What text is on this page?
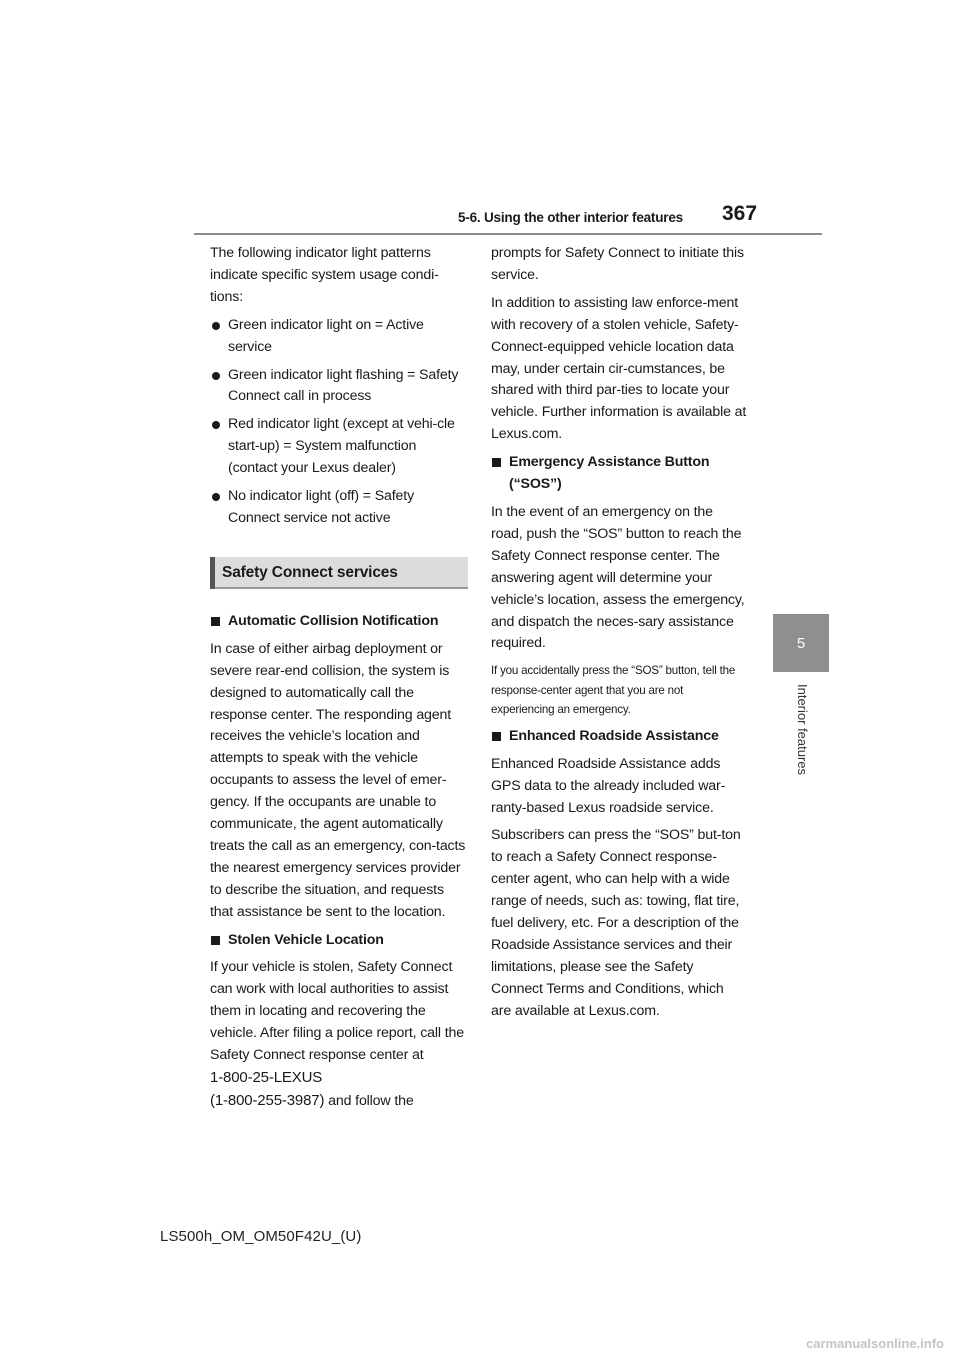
5-6. Using the other interior features 367
5
Interior features

The following indicator light patterns indicate specific system usage condi-tions:

Green indicator light on = Active service
Green indicator light flashing = Safety Connect call in process
Red indicator light (except at vehi-cle start-up) = System malfunction (contact your Lexus dealer)
No indicator light (off) = Safety Connect service not active
Safety Connect services
Automatic Collision Notification

In case of either airbag deployment or severe rear-end collision, the system is designed to automatically call the response center. The responding agent receives the vehicle’s location and attempts to speak with the vehicle occupants to assess the level of emer-gency. If the occupants are unable to communicate, the agent automatically treats the call as an emergency, con-tacts the nearest emergency services provider to describe the situation, and requests that assistance be sent to the location.

Stolen Vehicle Location

If your vehicle is stolen, Safety Connect can work with local authorities to assist them in locating and recovering the vehicle. After filing a police report, call the Safety Connect response center at
1-800-25-LEXUS
(1-800-255-3987) and follow the

prompts for Safety Connect to initiate this service.

In addition to assisting law enforce-ment with recovery of a stolen vehicle, Safety-Connect-equipped vehicle location data may, under certain cir-cumstances, be shared with third par-ties to locate your vehicle. Further information is available at Lexus.com.

Emergency Assistance Button (“SOS”)

In the event of an emergency on the road, push the “SOS” button to reach the Safety Connect response center. The answering agent will determine your vehicle’s location, assess the emergency, and dispatch the neces-sary assistance required.

If you accidentally press the “SOS” button, tell the response-center agent that you are not experiencing an emergency.

Enhanced Roadside Assistance

Enhanced Roadside Assistance adds GPS data to the already included war-ranty-based Lexus roadside service.

Subscribers can press the “SOS” but-ton to reach a Safety Connect response-center agent, who can help with a wide range of needs, such as: towing, flat tire, fuel delivery, etc. For a description of the Roadside Assistance services and their limitations, please see the Safety Connect Terms and Conditions, which are available at Lexus.com.

LS500h_OM_OM50F42U_(U)
carmanualsonline.info
